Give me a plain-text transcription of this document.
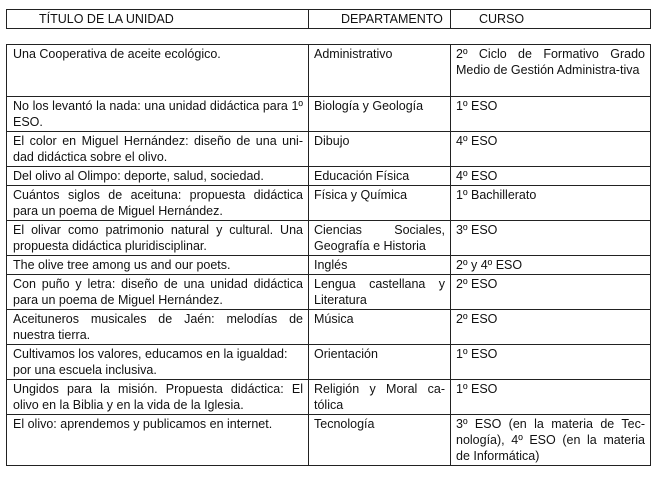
TÍTULO DE LA UNIDAD	DEPARTAMENTO	CURSO
Una Cooperativa de aceite ecológico.	Administrativo	2º Ciclo de Formativo Grado Medio de Gestión Administra-tiva
No los levantó la nada: una unidad didáctica para 1º ESO.	Biología y Geología	1º ESO
El color en Miguel Hernández: diseño de una uni-dad didáctica sobre el olivo.	Dibujo	4º ESO
Del olivo al Olimpo: deporte, salud, sociedad.	Educación Física	4º ESO
Cuántos siglos de aceituna: propuesta didáctica para un poema de Miguel Hernández.	Física y Química	1º Bachillerato
El olivar como patrimonio natural y cultural. Una propuesta didáctica pluridisciplinar.	Ciencias Sociales, Geografía e Historia	3º ESO
The olive tree among us and our poets.	Inglés	2º y 4º ESO
Con puño y letra: diseño de una unidad didáctica para un poema de Miguel Hernández.	Lengua castellana y Literatura	2º ESO
Aceituneros musicales de Jaén: melodías de nuestra tierra.	Música	2º ESO
Cultivamos los valores, educamos en la igualdad: por una escuela inclusiva.	Orientación	1º ESO
Ungidos para la misión. Propuesta didáctica: El olivo en la Biblia y en la vida de la Iglesia.	Religión y Moral ca-tólica	1º ESO
El olivo: aprendemos y publicamos en internet.	Tecnología	3º ESO (en la materia de Tec-nología), 4º ESO (en la materia de Informática)
